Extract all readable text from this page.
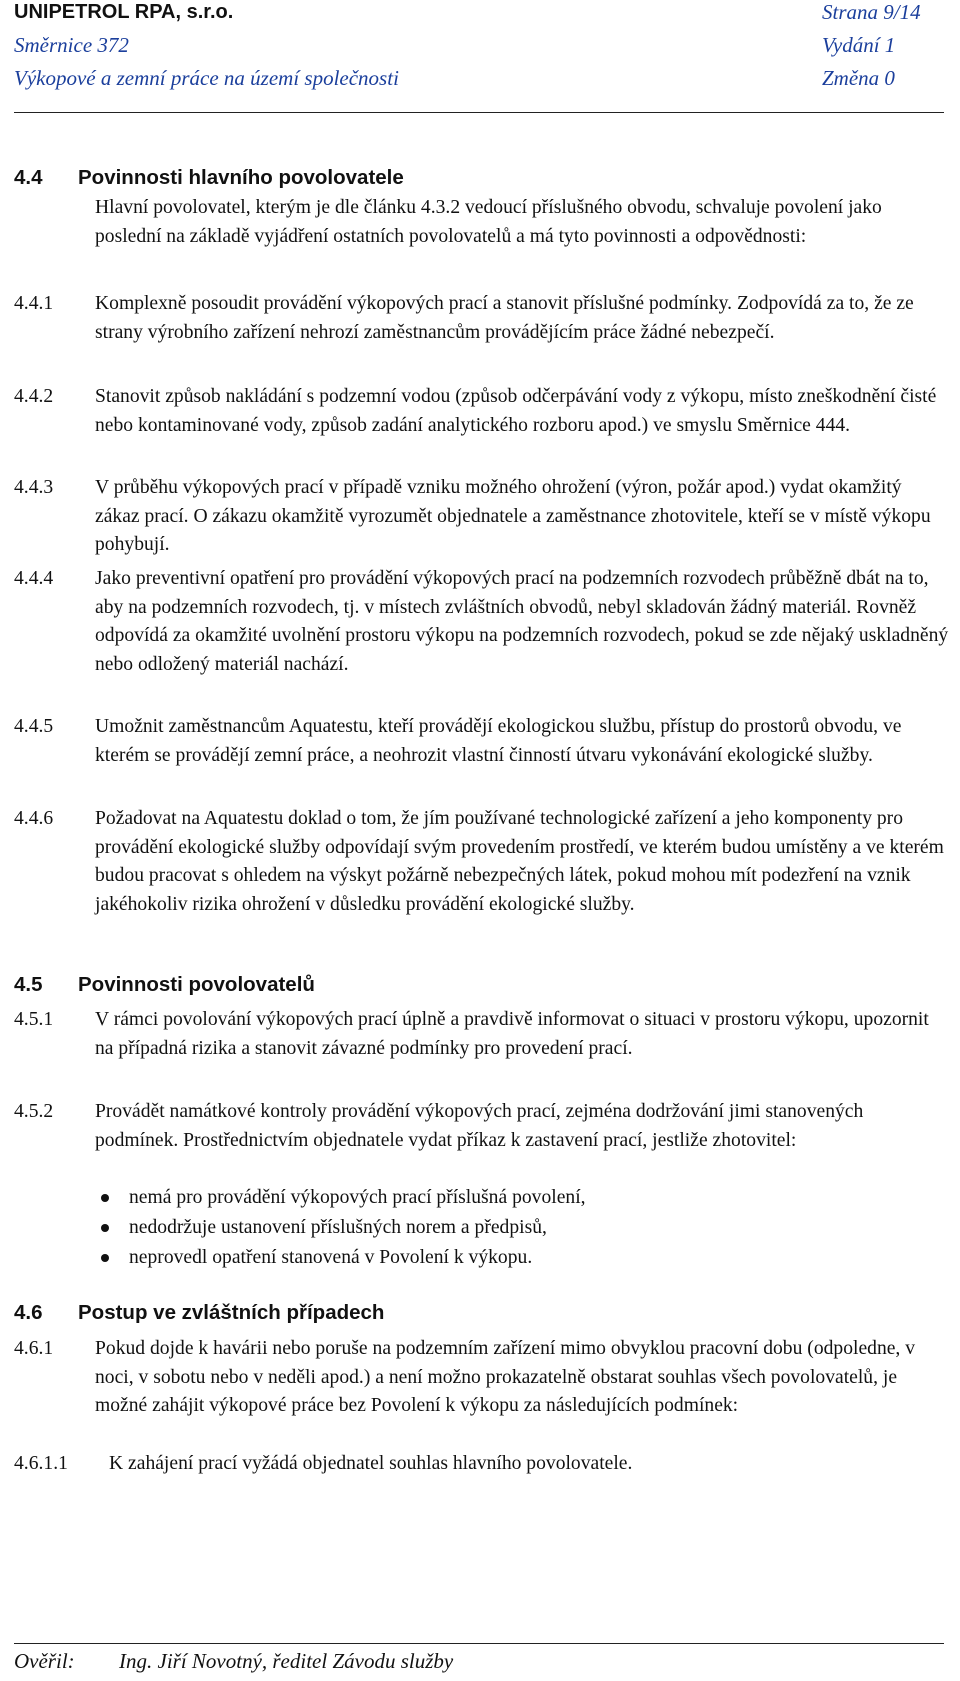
UNIPETROL RPA, s.r.o.	Strana 9/14
Směrnice 372	Vydání 1
Výkopové a zemní práce na území společnosti	Změna 0
4.4 Povinnosti hlavního povolovatele
Hlavní povolovatel, kterým je dle článku 4.3.2 vedoucí příslušného obvodu, schvaluje povolení jako poslední na základě vyjádření ostatních povolovatelů a má tyto povinnosti a odpovědnosti:
4.4.1 Komplexně posoudit provádění výkopových prací a stanovit příslušné podmínky. Zodpovídá za to, že ze strany výrobního zařízení nehrozí zaměstnancům provádějícím práce žádné nebezpečí.
4.4.2 Stanovit způsob nakládání s podzemní vodou (způsob odčerpávání vody z výkopu, místo zneškodnění čisté nebo kontaminované vody, způsob zadání analytického rozboru apod.) ve smyslu Směrnice 444.
4.4.3 V průběhu výkopových prací v případě vzniku možného ohrožení (výron, požár apod.) vydat okamžitý zákaz prací. O zákazu okamžitě vyrozumět objednatele a zaměstnance zhotovitele, kteří se v místě výkopu pohybují.
4.4.4 Jako preventivní opatření pro provádění výkopových prací na podzemních rozvodech průběžně dbát na to, aby na podzemních rozvodech, tj. v místech zvláštních obvodů, nebyl skladován žádný materiál. Rovněž odpovídá za okamžité uvolnění prostoru výkopu na podzemních rozvodech, pokud se zde nějaký uskladněný nebo odložený materiál nachází.
4.4.5 Umožnit zaměstnancům Aquatestu, kteří provádějí ekologickou službu, přístup do prostorů obvodu, ve kterém se provádějí zemní práce, a neohrozit vlastní činností útvaru vykonávání ekologické služby.
4.4.6 Požadovat na Aquatestu doklad o tom, že jím používané technologické zařízení a jeho komponenty pro provádění ekologické služby odpovídají svým provedením prostředí, ve kterém budou umístěny a ve kterém budou pracovat s ohledem na výskyt požárně nebezpečných látek, pokud mohou mít podezření na vznik jakéhokoliv rizika ohrožení v důsledku provádění ekologické služby.
4.5 Povinnosti povolovatelů
4.5.1 V rámci povolování výkopových prací úplně a pravdivě informovat o situaci v prostoru výkopu, upozornit na případná rizika a stanovit závazné podmínky pro provedení prací.
4.5.2 Provádět namátkové kontroly provádění výkopových prací, zejména dodržování jimi stanovených podmínek. Prostřednictvím objednatele vydat příkaz k zastavení prací, jestliže zhotovitel:
nemá pro provádění výkopových prací příslušná povolení,
nedodržuje ustanovení příslušných norem a předpisů,
neprovedl opatření stanovená v Povolení k výkopu.
4.6 Postup ve zvláštních případech
4.6.1 Pokud dojde k havárii nebo poruše na podzemním zařízení mimo obvyklou pracovní dobu (odpoledne, v noci, v sobotu nebo v neděli apod.) a není možno prokazatelně obstarat souhlas všech povolovatelů, je možné zahájit výkopové práce bez Povolení k výkopu za následujících podmínek:
4.6.1.1 K zahájení prací vyžádá objednatel souhlas hlavního povolovatele.
Ověřil: Ing. Jiří Novotný, ředitel Závodu služby
